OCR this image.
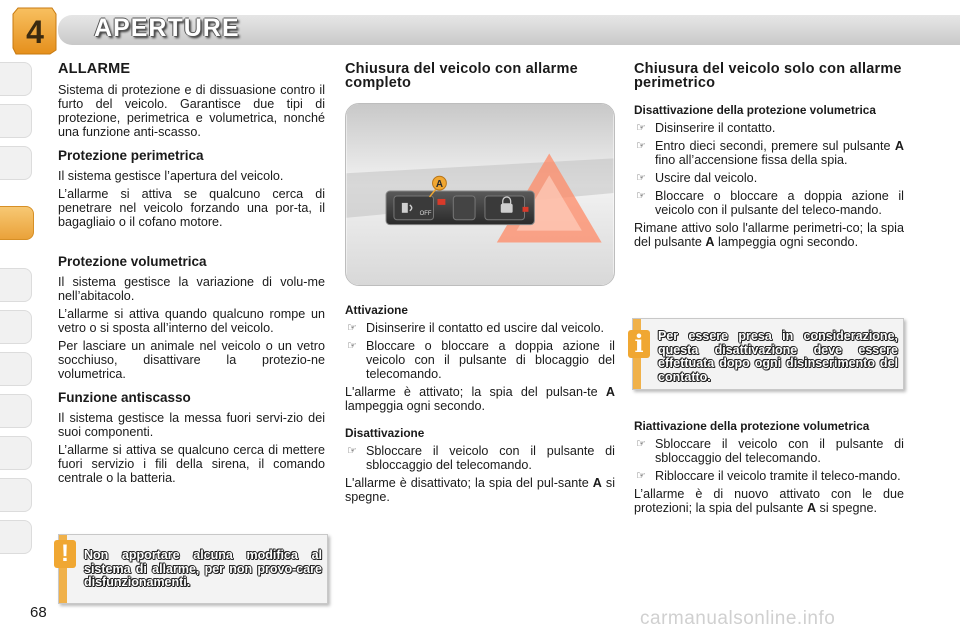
4 APERTURE
ALLARME

Sistema di protezione e di dissuasione contro il furto del veicolo. Garantisce due tipi di protezione, perimetrica e volumetrica, nonché una funzione anti-scasso.

Protezione perimetrica

Il sistema gestisce l’apertura del veicolo.

L’allarme si attiva se qualcuno cerca di penetrare nel veicolo forzando una por-ta, il bagagliaio o il cofano motore.

Protezione volumetrica

Il sistema gestisce la variazione di volu-me nell’abitacolo.

L’allarme si attiva quando qualcuno rompe un vetro o si sposta all’interno del veicolo.

Per lasciare un animale nel veicolo o un vetro socchiuso, disattivare la protezio-ne volumetrica.

Funzione antiscasso

Il sistema gestisce la messa fuori servi-zio dei suoi componenti.

L’allarme si attiva se qualcuno cerca di mettere fuori servizio i fili della sirena, il comando centrale o la batteria.

!	Non apportare alcuna modifica al sistema di allarme, per non provo-care disfunzionamenti.
Chiusura del veicolo con allarme completo
OFF
A
Attivazione
☞ Disinserire il contatto ed uscire dal veicolo.
☞ Bloccare o bloccare a doppia azione il veicolo con il pulsante di blocaggio del telecomando.

L'allarme è attivato; la spia del pulsan-te A lampeggia ogni secondo.

Disattivazione
☞ Sbloccare il veicolo con il pulsante di sbloccaggio del telecomando.

L'allarme è disattivato; la spia del pul-sante A si spegne.

Chiusura del veicolo solo con allarme perimetrico
Disattivazione della protezione volumetrica
☞ Disinserire il contatto.
☞ Entro dieci secondi, premere sul pulsante A fino all’accensione fissa della spia.
☞ Uscire dal veicolo.
☞ Bloccare o bloccare a doppia azione il veicolo con il pulsante del teleco-mando.

Rimane attivo solo l'allarme perimetri-co; la spia del pulsante A lampeggia ogni secondo.

i	Per essere presa in considerazione, questa disattivazione deve essere effettuata dopo ogni disinserimento del contatto.
Riattivazione della protezione volumetrica
☞ Sbloccare il veicolo con il pulsante di sbloccaggio del telecomando.
☞ Ribloccare il veicolo tramite il teleco-mando.

L’allarme è di nuovo attivato con le due protezioni; la spia del pulsante A si spegne.

68	carmanualsonline.info
